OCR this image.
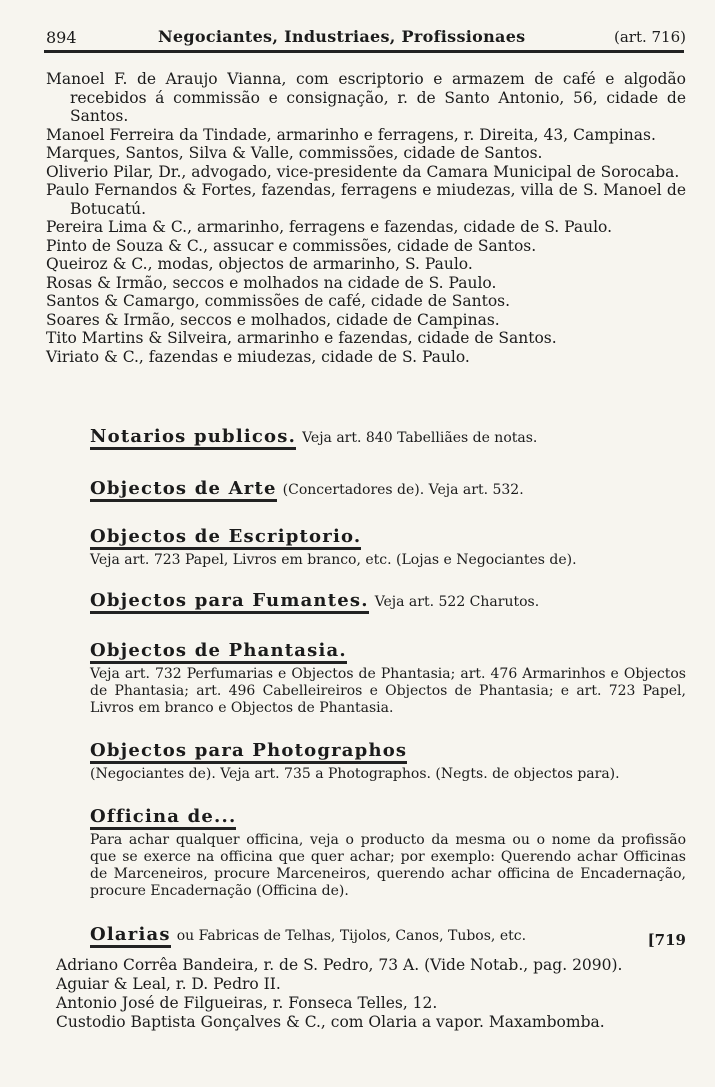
894	Negociantes, Industriaes, Profissionaes	(art. 716)
Manoel F. de Araujo Vianna, com escriptorio e armazem de café e algodão recebidos á commissão e consignação, r. de Santo Antonio, 56, cidade de Santos.
Manoel Ferreira da Tindade, armarinho e ferragens, r. Direita, 43, Campinas.
Marques, Santos, Silva & Valle, commissões, cidade de Santos.
Oliverio Pilar, Dr., advogado, vice-presidente da Camara Municipal de Sorocaba.
Paulo Fernandos & Fortes, fazendas, ferragens e miudezas, villa de S. Manoel de Botucatú.
Pereira Lima & C., armarinho, ferragens e fazendas, cidade de S. Paulo.
Pinto de Souza & C., assucar e commissões, cidade de Santos.
Queiroz & C., modas, objectos de armarinho, S. Paulo.
Rosas & Irmão, seccos e molhados na cidade de S. Paulo.
Santos & Camargo, commissões de café, cidade de Santos.
Soares & Irmão, seccos e molhados, cidade de Campinas.
Tito Martins & Silveira, armarinho e fazendas, cidade de Santos.
Viriato & C., fazendas e miudezas, cidade de S. Paulo.
Notarios publicos. Veja art. 840 Tabelliães de notas.
Objectos de Arte (Concertadores de). Veja art. 532.
Objectos de Escriptorio.

Veja art. 723 Papel, Livros em branco, etc. (Lojas e Negociantes de).

Objectos para Fumantes. Veja art. 522 Charutos.
Objectos de Phantasia.

Veja art. 732 Perfumarias e Objectos de Phantasia; art. 476 Armarinhos e Objectos de Phantasia; art. 496 Cabelleireiros e Objectos de Phantasia; e art. 723 Papel, Livros em branco e Objectos de Phantasia.

Objectos para Photographos

(Negociantes de). Veja art. 735 a Photographos. (Negts. de objectos para).

Officina de...

Para achar qualquer officina, veja o producto da mesma ou o nome da profissão que se exerce na officina que quer achar; por exemplo: Querendo achar Officinas de Marceneiros, procure Marceneiros, querendo achar officina de Encadernação, procure Encadernação (Officina de).

Olarias ou Fabricas de Telhas, Tijolos, Canos, Tubos, etc.	[719
Adriano Corrêa Bandeira, r. de S. Pedro, 73 A. (Vide Notab., pag. 2090).
Aguiar & Leal, r. D. Pedro II.
Antonio José de Filgueiras, r. Fonseca Telles, 12.
Custodio Baptista Gonçalves & C., com Olaria a vapor. Maxambomba.
